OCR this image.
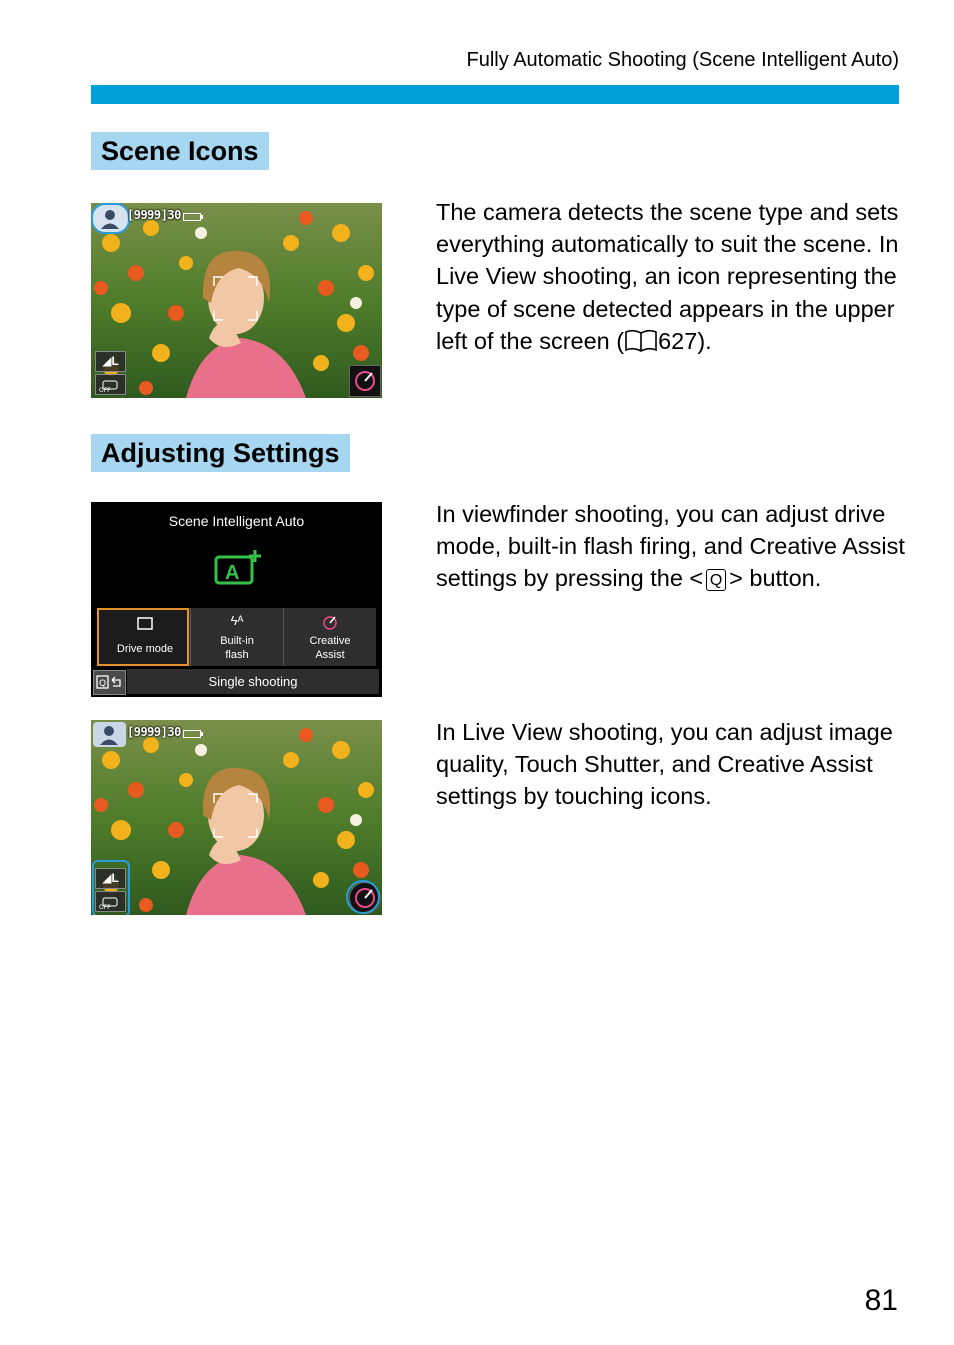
Fully Automatic Shooting (Scene Intelligent Auto)
Scene Icons
[9999]30
◢L
OFF
The camera detects the scene type and sets everything automatically to suit the scene. In Live View shooting, an icon representing the type of scene detected appears in the upper left of the screen ( 627).
Adjusting Settings
Scene Intelligent Auto
A
Drive mode
ϟᴬ
Built-in
flash
Creative
Assist
Q	Single shooting
In viewfinder shooting, you can adjust drive mode, built-in flash firing, and Creative Assist settings by pressing the < Q > button.
[9999]30
◢L
OFF
In Live View shooting, you can adjust image quality, Touch Shutter, and Creative Assist settings by touching icons.
81
